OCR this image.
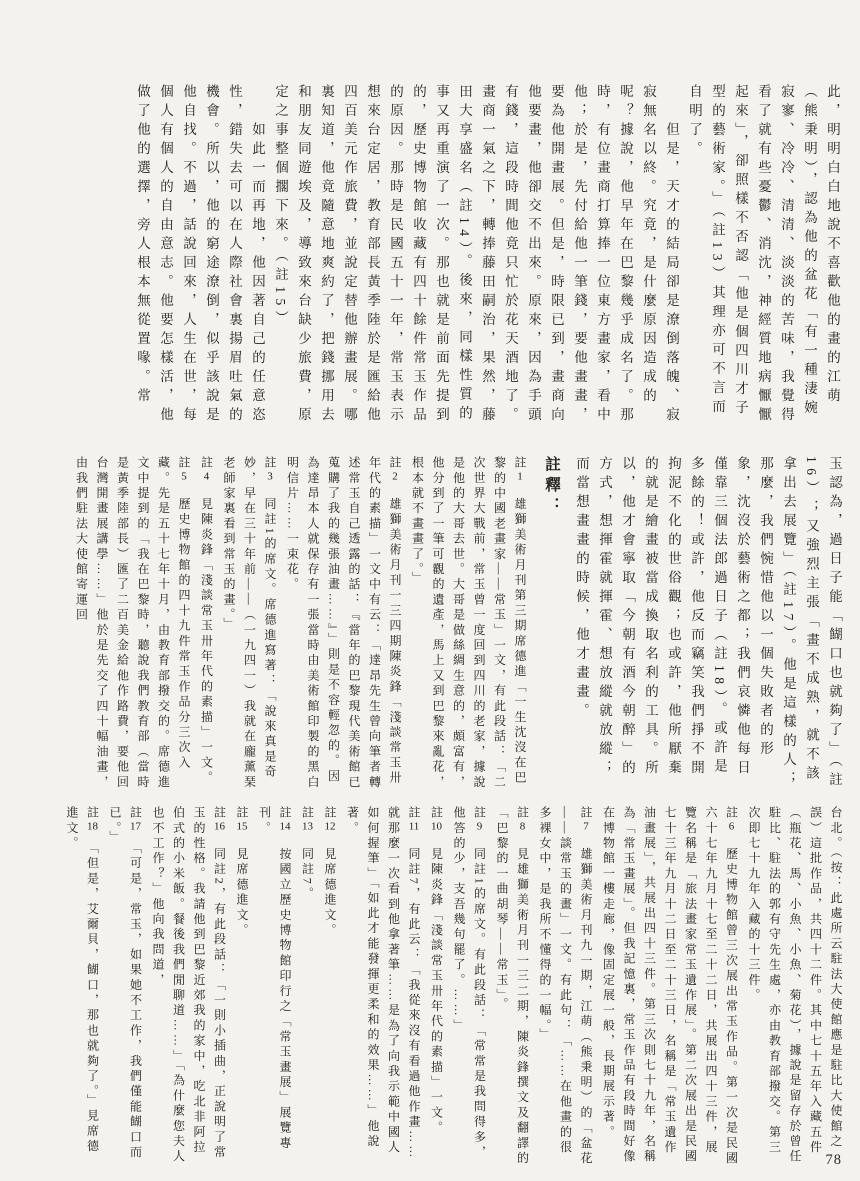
此，明明白白地說不喜歡他的畫的江萌（熊秉明），認為他的盆花「有一種淒婉寂寥、冷冷、清清、淡淡的苦味，我覺得看了就有些憂鬱、消沈，神經質地病懨懨起來」，卻照樣不否認「他是個四川才子型的藝術家。」（註13）其理亦可不言而自明了。

但是，天才的結局卻是潦倒落魄、寂寂無名以終。究竟，是什麼原因造成的呢？據說，他早年在巴黎幾乎成名了。那時，有位畫商打算捧一位東方畫家，看中他；於是，先付給他一筆錢，要他畫畫，要為他開畫展。但是，時限已到，畫商向他要畫，他卻交不出來。原來，因為手頭有錢，這段時間他竟只忙於花天酒地了。畫商一氣之下，轉捧藤田嗣治，果然，藤田大享盛名（註14）。後來，同樣性質的事又再重演了一次。那也就是前面先提到的，歷史博物館收藏有四十餘件常玉作品的原因。那時是民國五十一年，常玉表示想來台定居，教育部長黃季陸於是匯給他四百美元作旅費，並說定替他辦畫展。哪裏知道，他竟隨意地爽約了，把錢挪用去和朋友同遊埃及，導致來台缺少旅費，原定之事整個擱下來。（註15）

如此一而再地，他因著自己的任意恣性，錯失去可以在人際社會裏揚眉吐氣的機會。所以，他的窮途潦倒，似乎該說是他自找。不過，話說回來，人生在世，每個人有個人的自由意志。他要怎樣活，他做了他的選擇，旁人根本無從置喙。常

玉認為，過日子能「餬口也就夠了」（註16）；又強烈主張「畫不成熟，就不該拿出去展覽」（註17）。他是這樣的人；那麼，我們惋惜他以一個失敗者的形象，沈沒於藝術之都；我們哀憐他每日僅靠三個法郎過日子（註18）。或許是多餘的！或許，他反而竊笑我們掙不開拘泥不化的世俗觀；也或許，他所厭棄的就是繪畫被當成換取名利的工具。所以，他才會寧取「今朝有酒今朝醉」的方式，想揮霍就揮霍、想放縱就放縱；而當想畫畫的時候，他才畫畫。

註釋：
註1雄獅美術月刊第三期席德進「一生沈沒在巴黎的中國老畫家——常玉」一文，有此段話：「二次世界大戰前，常玉曾一度回到四川的老家，據說是他的大哥去世。大哥是做絲綢生意的，頗富有，他分到了一筆可觀的遺產，馬上又到巴黎來亂花，根本就不畫畫了。」
註2雄獅美術月刊一三四期陳炎鋒「淺談常玉卅年代的素描」一文中有云：「達昂先生曾向筆者轉述常玉自己透露的話：『當年的巴黎現代美術館已蒐購了我的幾張油畫……』」則是不容輕忽的。因為達昂本人就保存有一張當時由美術館印製的黑白明信片……一束花。
註3同註1的席文。席德進寫著：「說來真是奇妙，早在三十年前——（一九四一）我就在龐薰琹老師家裏看到常玉的畫。」
註4見陳炎鋒「淺談常玉卅年代的素描」一文。
註5歷史博物館的四十九件常玉作品分三次入藏。先是五十七年十月，由教育部撥交的。席德進文中提到的「我在巴黎時，聽說我們教育部（當時是黃季陸部長）匯了二百美金給他作路費，要他回台灣開畫展講學……」他於是先交了四十幅油畫，由我們駐法大使館寄運回
台北。（按：此處所云駐法大使館應是駐比大使館之誤）這批作品，共四十二件。其中七十五年入藏五件（瓶花、馬、小魚、小魚、菊花），據說是留存於曾任駐比、駐法的郭有守先生處，亦由教育部撥交。第三次即七十九年入藏的十三件。
註6歷史博物館曾三次展出常玉作品。第一次是民國六十七年九月十七至二十二日，共展出四十三件，展覽名稱是「旅法畫家常玉遺作展」。第二次展出是民國七十三年九月十二日至二十三日，名稱是「常玉遺作油畫展」，共展出四十三件。第三次則七十九年，名稱為「常玉畫展」。但我記憶裏，常玉作品有段時間好像在博物館一樓走廊，像固定展一般，長期展示著。
註7雄獅美術月刊九一期，江萌（熊秉明）的「盆花——談常玉的畫」一文。有此句：「……在他畫的很多裸女中，是我所不懂得的一幅。」
註8見雄獅美術月刊一三二期，陳炎鋒撰文及翻譯的「巴黎的一曲胡琴——常玉」。
註9同註1的席文。有此段話：「常常是我問得多，他答的少，支吾幾句罷了。……」
註10見陳炎鋒「淺談常玉卅年代的素描」一文。
註11同註7，有此云：「我從來沒有看過他作畫……就那麼一次看到他拿著筆……是為了向我示範中國人如何握筆」「如此才能發揮更柔和的效果……」他說著。
註12見席德進文。
註13同註7。
註14按國立歷史博物館印行之「常玉畫展」展覽專刊。
註15見席德進文。
註16同註2，有此段話：「一則小插曲，正說明了常玉的性格。我請他到巴黎近郊我的家中，吃北非阿拉伯式的小米飯。餐後我們閒聊道……」「為什麼您夫人也不工作？」他向我問道，
註17「可是，常玉，如果她不工作，我們僅能餬口而已。」
註18「但是，艾爾貝，餬口，那也就夠了。」見席德進文。
78
